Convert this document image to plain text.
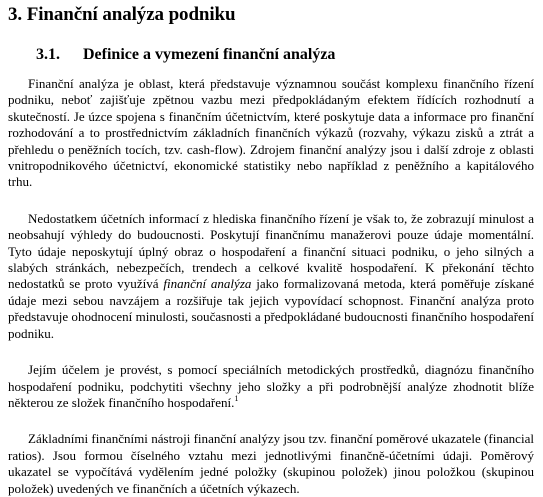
3. Finanční analýza podniku
3.1. Definice a vymezení finanční analýza

Finanční analýza je oblast, která představuje významnou součást komplexu finančního řízení podniku, neboť zajišťuje zpětnou vazbu mezi předpokládaným efektem řídících rozhodnutí a skutečností. Je úzce spojena s finančním účetnictvím, které poskytuje data a informace pro finanční rozhodování a to prostřednictvím základních finančních výkazů (rozvahy, výkazu zisků a ztrát a přehledu o peněžních tocích, tzv. cash-flow). Zdrojem finanční analýzy jsou i další zdroje z oblasti vnitropodnikového účetnictví, ekonomické statistiky nebo například z peněžního a kapitálového trhu.

Nedostatkem účetních informací z hlediska finančního řízení je však to, že zobrazují minulost a neobsahují výhledy do budoucnosti. Poskytují finančnímu manažerovi pouze údaje momentální. Tyto údaje neposkytují úplný obraz o hospodaření a finanční situaci podniku, o jeho silných a slabých stránkách, nebezpečích, trendech a celkové kvalitě hospodaření. K překonání těchto nedostatků se proto využívá finanční analýza jako formalizovaná metoda, která poměřuje získané údaje mezi sebou navzájem a rozšiřuje tak jejich vypovídací schopnost. Finanční analýza proto představuje ohodnocení minulosti, současnosti a předpokládané budoucnosti finančního hospodaření podniku.

Jejím účelem je provést, s pomocí speciálních metodických prostředků, diagnózu finančního hospodaření podniku, podchytiti všechny jeho složky a při podrobnější analýze zhodnotit blíže některou ze složek finančního hospodaření.$^1$

Základními finančními nástroji finanční analýzy jsou tzv. finanční poměrové ukazatele (financial ratios). Jsou formou číselného vztahu mezi jednotlivými finančně-účetními údaji. Poměrový ukazatel se vypočítává vydělením jedné položky (skupinou položek) jinou položkou (skupinou položek) uvedených ve finančních a účetních výkazech.
